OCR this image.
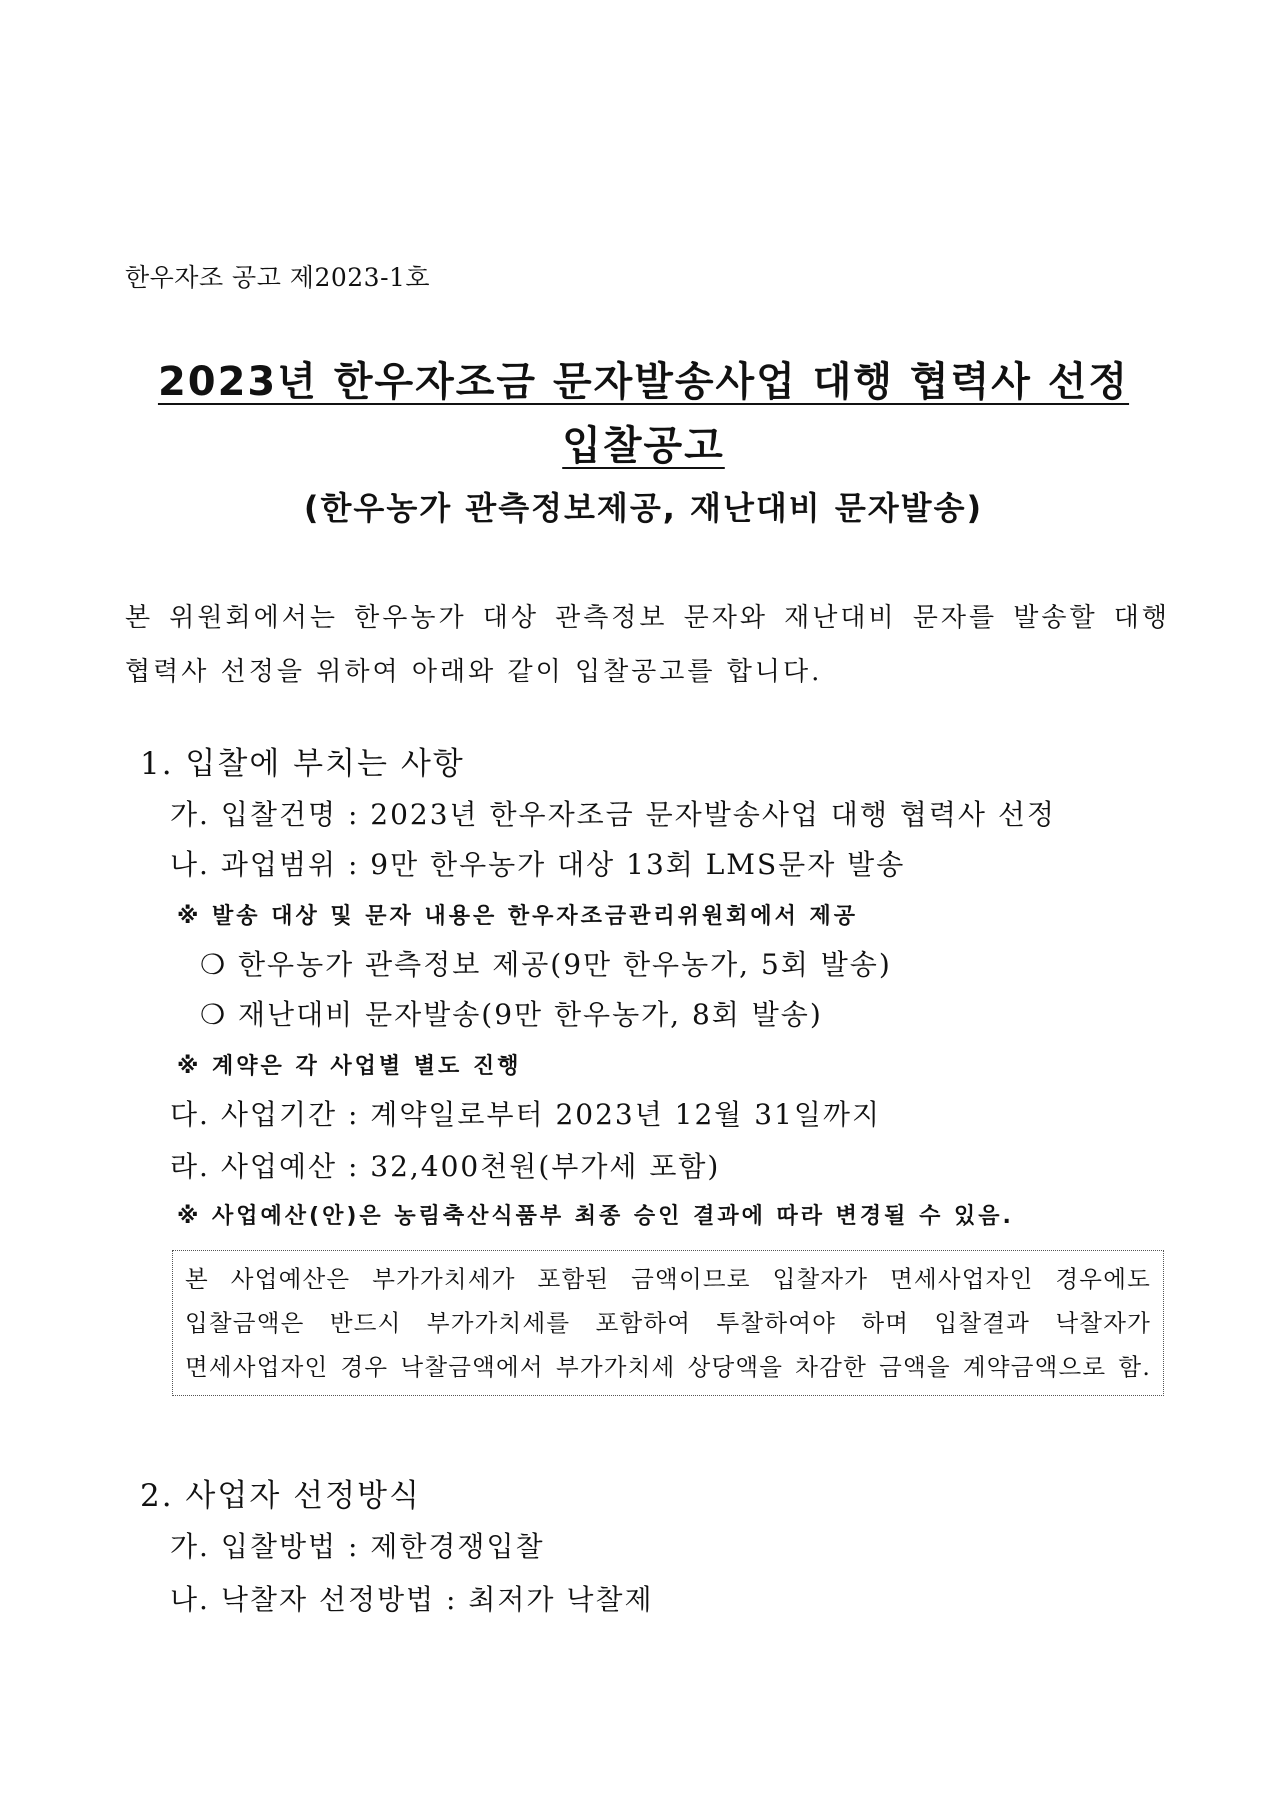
한우자조 공고 제2023-1호
2023년 한우자조금 문자발송사업 대행 협력사 선정
입찰공고
(한우농가 관측정보제공, 재난대비 문자발송)
본 위원회에서는 한우농가 대상 관측정보 문자와 재난대비 문자를 발송할 대행
협력사 선정을 위하여 아래와 같이 입찰공고를 합니다.
1. 입찰에 부치는 사항
가. 입찰건명 : 2023년 한우자조금 문자발송사업 대행 협력사 선정
나. 과업범위 : 9만 한우농가 대상 13회 LMS문자 발송
※ 발송 대상 및 문자 내용은 한우자조금관리위원회에서 제공
❍ 한우농가 관측정보 제공(9만 한우농가, 5회 발송)
❍ 재난대비 문자발송(9만 한우농가, 8회 발송)
※ 계약은 각 사업별 별도 진행
다. 사업기간 : 계약일로부터 2023년 12월 31일까지
라. 사업예산 : 32,400천원(부가세 포함)
※ 사업예산(안)은 농림축산식품부 최종 승인 결과에 따라 변경될 수 있음.
본 사업예산은 부가가치세가 포함된 금액이므로 입찰자가 면세사업자인 경우에도
입찰금액은 반드시 부가가치세를 포함하여 투찰하여야 하며 입찰결과 낙찰자가
면세사업자인 경우 낙찰금액에서 부가가치세 상당액을 차감한 금액을 계약금액으로 함.
2. 사업자 선정방식
가. 입찰방법 : 제한경쟁입찰
나. 낙찰자 선정방법 : 최저가 낙찰제
